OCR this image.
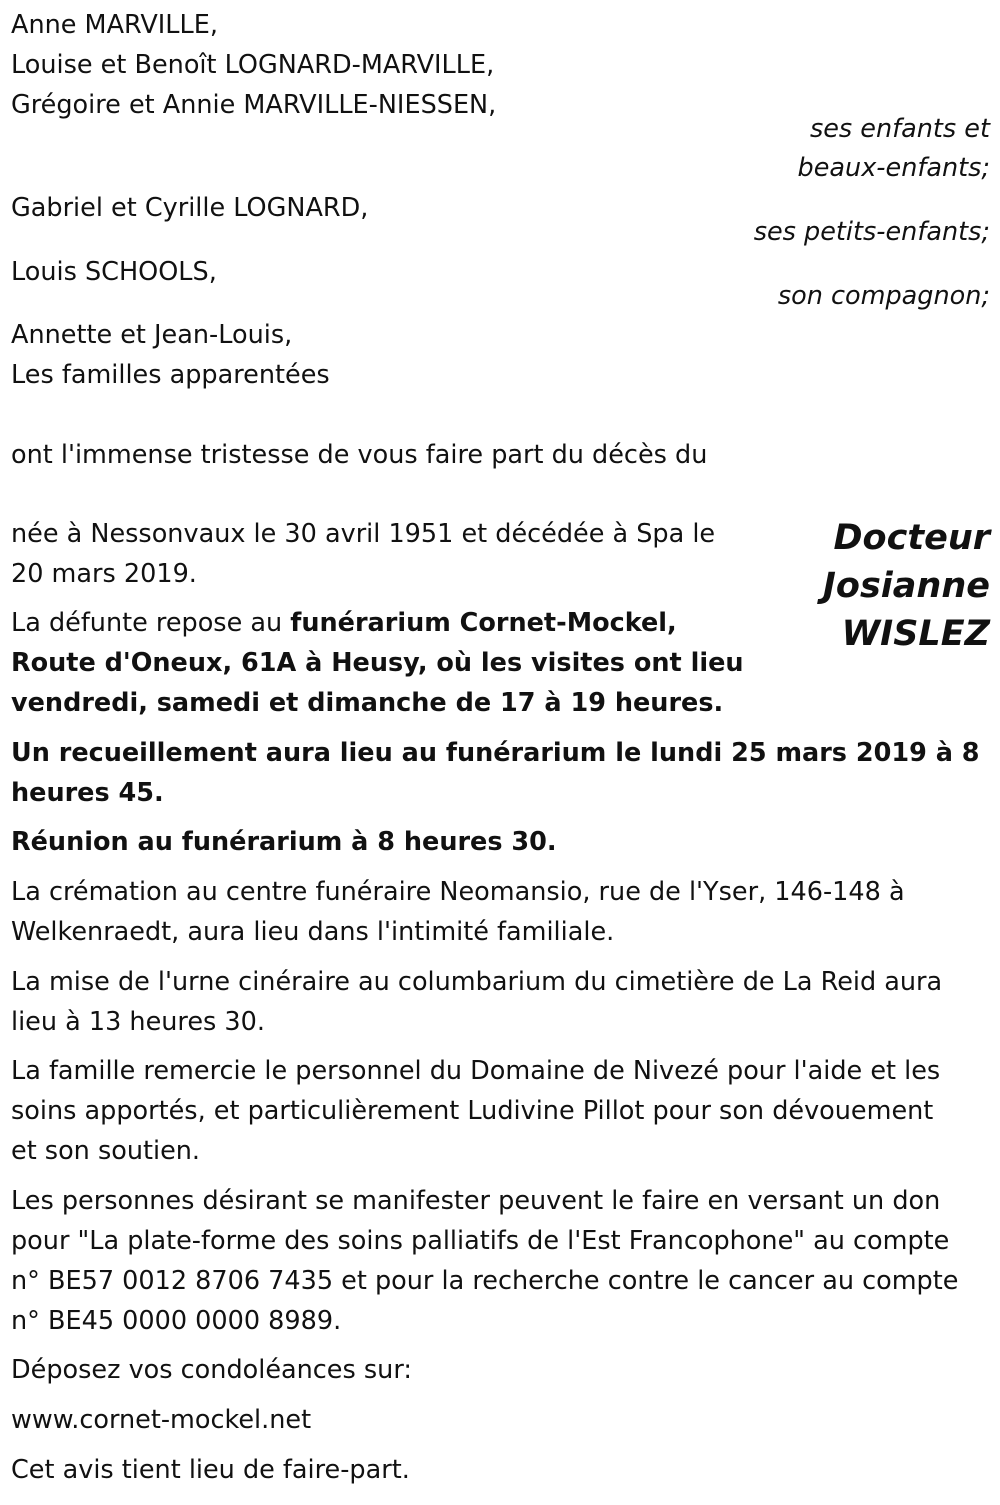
Anne MARVILLE,
Louise et Benoît LOGNARD-MARVILLE,
Grégoire et Annie MARVILLE-NIESSEN,
ses enfants et
beaux-enfants;
Gabriel et Cyrille LOGNARD,
ses petits-enfants;
Louis SCHOOLS,
son compagnon;
Annette et Jean-Louis,
Les familles apparentées
ont l'immense tristesse de vous faire part du décès du
Docteur
Josianne
WISLEZ
née à Nessonvaux le 30 avril 1951 et décédée à Spa le
20 mars 2019.
La défunte repose au funérarium Cornet-Mockel,
Route d'Oneux, 61A à Heusy, où les visites ont lieu
vendredi, samedi et dimanche de 17 à 19 heures.
Un recueillement aura lieu au funérarium le lundi 25 mars 2019 à 8
heures 45.
Réunion au funérarium à 8 heures 30.
La crémation au centre funéraire Neomansio, rue de l'Yser, 146-148 à
Welkenraedt, aura lieu dans l'intimité familiale.
La mise de l'urne cinéraire au columbarium du cimetière de La Reid aura
lieu à 13 heures 30.
La famille remercie le personnel du Domaine de Nivezé pour l'aide et les
soins apportés, et particulièrement Ludivine Pillot pour son dévouement
et son soutien.
Les personnes désirant se manifester peuvent le faire en versant un don
pour "La plate-forme des soins palliatifs de l'Est Francophone" au compte
n° BE57 0012 8706 7435 et pour la recherche contre le cancer au compte
n° BE45 0000 0000 8989.
Déposez vos condoléances sur:
www.cornet-mockel.net
Cet avis tient lieu de faire-part.
